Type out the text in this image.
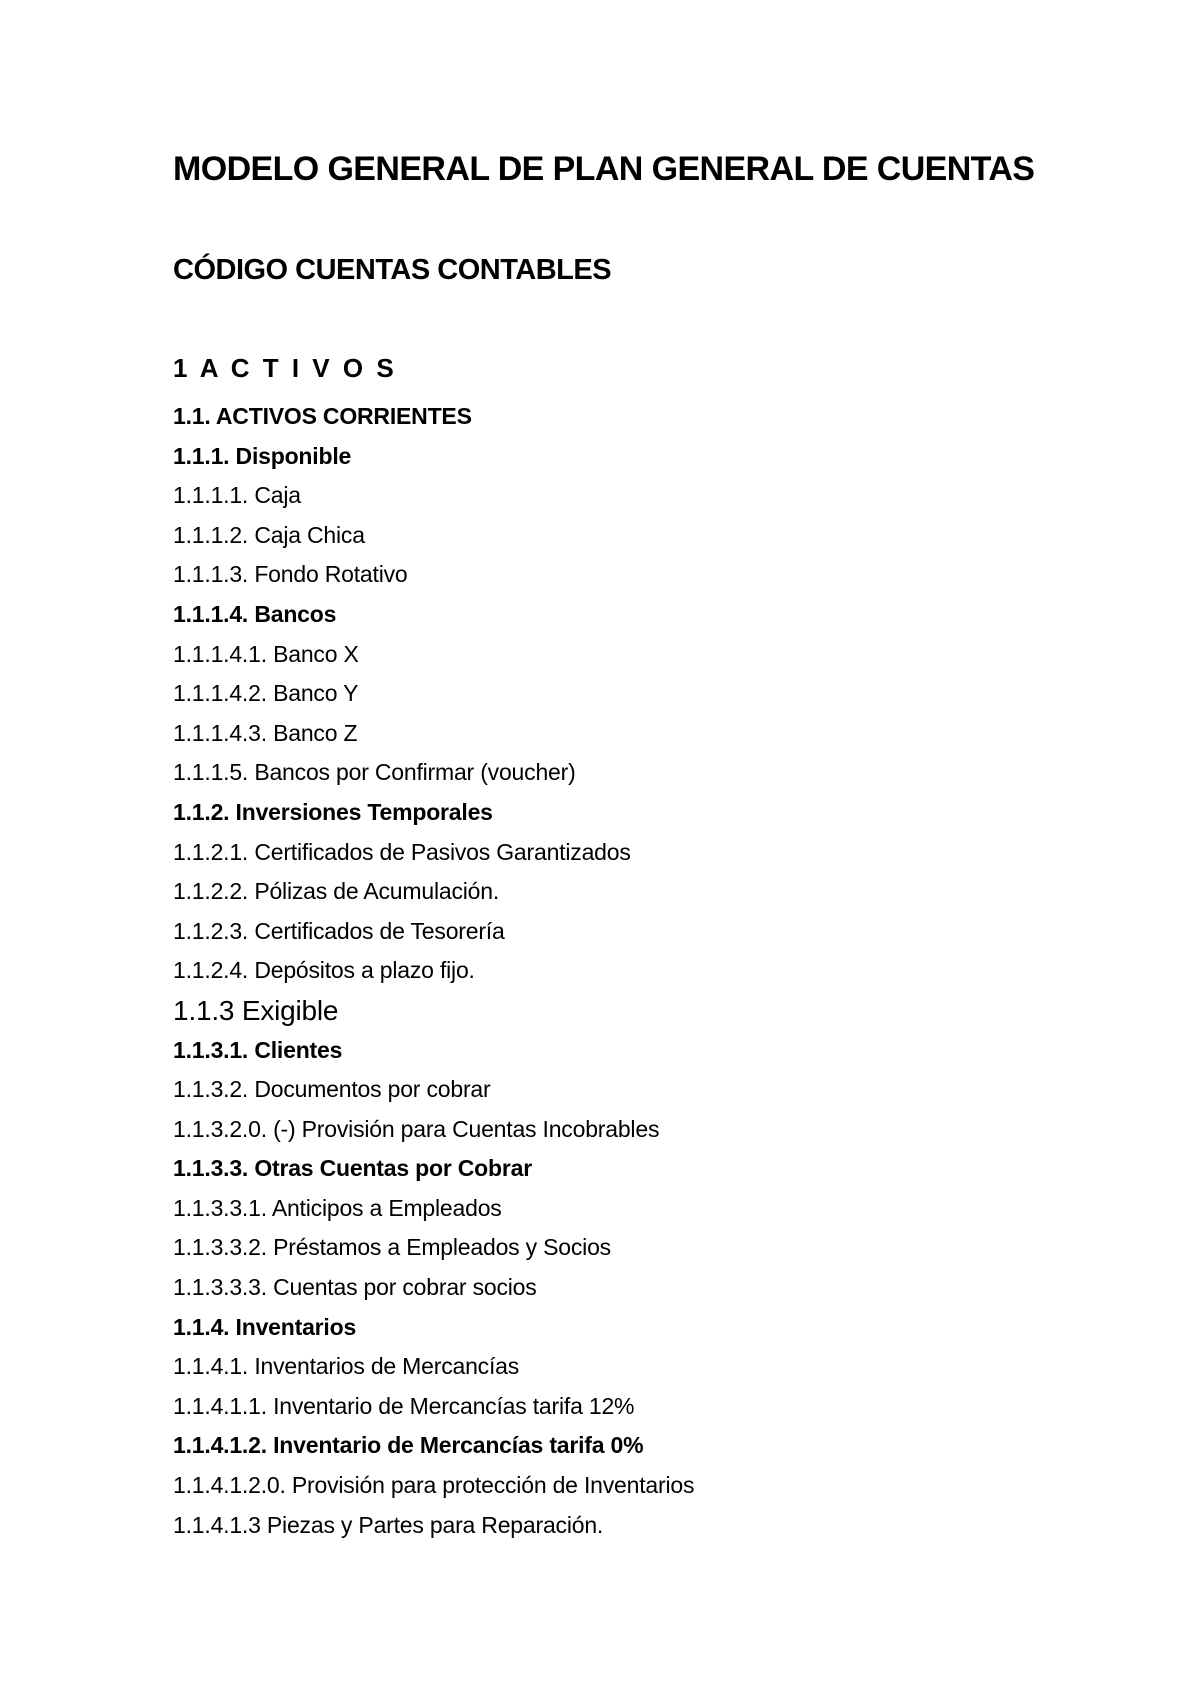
MODELO GENERAL DE PLAN GENERAL DE CUENTAS
CÓDIGO CUENTAS CONTABLES
1 A C T I V O S
1.1. ACTIVOS CORRIENTES
1.1.1. Disponible
1.1.1.1. Caja
1.1.1.2. Caja Chica
1.1.1.3. Fondo Rotativo
1.1.1.4. Bancos
1.1.1.4.1. Banco X
1.1.1.4.2. Banco Y
1.1.1.4.3. Banco Z
1.1.1.5. Bancos por Confirmar (voucher)
1.1.2. Inversiones Temporales
1.1.2.1. Certificados de Pasivos Garantizados
1.1.2.2. Pólizas de Acumulación.
1.1.2.3. Certificados de Tesorería
1.1.2.4. Depósitos a plazo fijo.
1.1.3 Exigible
1.1.3.1. Clientes
1.1.3.2. Documentos por cobrar
1.1.3.2.0. (-) Provisión para Cuentas Incobrables
1.1.3.3. Otras Cuentas por Cobrar
1.1.3.3.1. Anticipos a Empleados
1.1.3.3.2. Préstamos a Empleados y Socios
1.1.3.3.3. Cuentas por cobrar socios
1.1.4. Inventarios
1.1.4.1. Inventarios de Mercancías
1.1.4.1.1. Inventario de Mercancías tarifa 12%
1.1.4.1.2. Inventario de Mercancías tarifa 0%
1.1.4.1.2.0. Provisión para protección de Inventarios
1.1.4.1.3 Piezas y Partes para Reparación.
